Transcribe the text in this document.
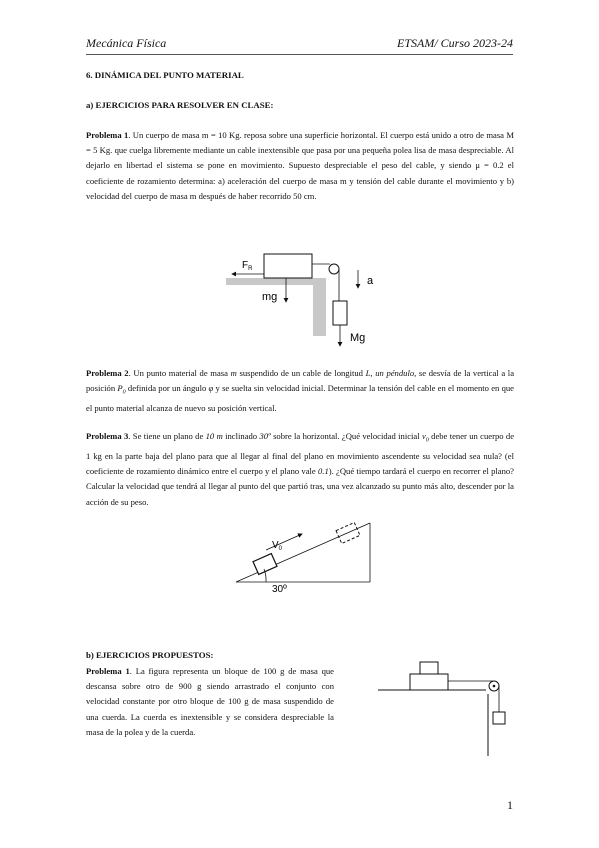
Mecánica Física	ETSAM/ Curso 2023-24
6. DINÁMICA DEL PUNTO MATERIAL
a) EJERCICIOS PARA RESOLVER EN CLASE:
Problema 1. Un cuerpo de masa m = 10 Kg. reposa sobre una superficie horizontal. El cuerpo está unido a otro de masa M = 5 Kg. que cuelga libremente mediante un cable inextensible que pasa por una pequeña polea lisa de masa despreciable. Al dejarlo en libertad el sistema se pone en movimiento. Supuesto despreciable el peso del cable, y siendo μ = 0.2 el coeficiente de rozamiento determina: a) aceleración del cuerpo de masa m y tensión del cable durante el movimiento y b) velocidad del cuerpo de masa m después de haber recorrido 50 cm.
$F_R$
mg
a
Mg
Problema 2. Un punto material de masa m suspendido de un cable de longitud L, un péndulo, se desvía de la vertical a la posición $P_0$ definida por un ángulo φ y se suelta sin velocidad inicial. Determinar la tensión del cable en el momento en que el punto material alcanza de nuevo su posición vertical.
Problema 3. Se tiene un plano de 10 m inclinado 30º sobre la horizontal. ¿Qué velocidad inicial $v_0$ debe tener un cuerpo de 1 kg en la parte baja del plano para que al llegar al final del plano en movimiento ascendente su velocidad sea nula? (el coeficiente de rozamiento dinámico entre el cuerpo y el plano vale 0.1). ¿Qué tiempo tardará el cuerpo en recorrer el plano? Calcular la velocidad que tendrá al llegar al punto del que partió tras, una vez alcanzado su punto más alto, descender por la acción de su peso.
$V_0$
30º
b) EJERCICIOS PROPUESTOS:
Problema 1. La figura representa un bloque de 100 g de masa que descansa sobre otro de 900 g siendo arrastrado el conjunto con velocidad constante por otro bloque de 100 g de masa suspendido de una cuerda. La cuerda es inextensible y se considera despreciable la masa de la polea y de la cuerda.
1
